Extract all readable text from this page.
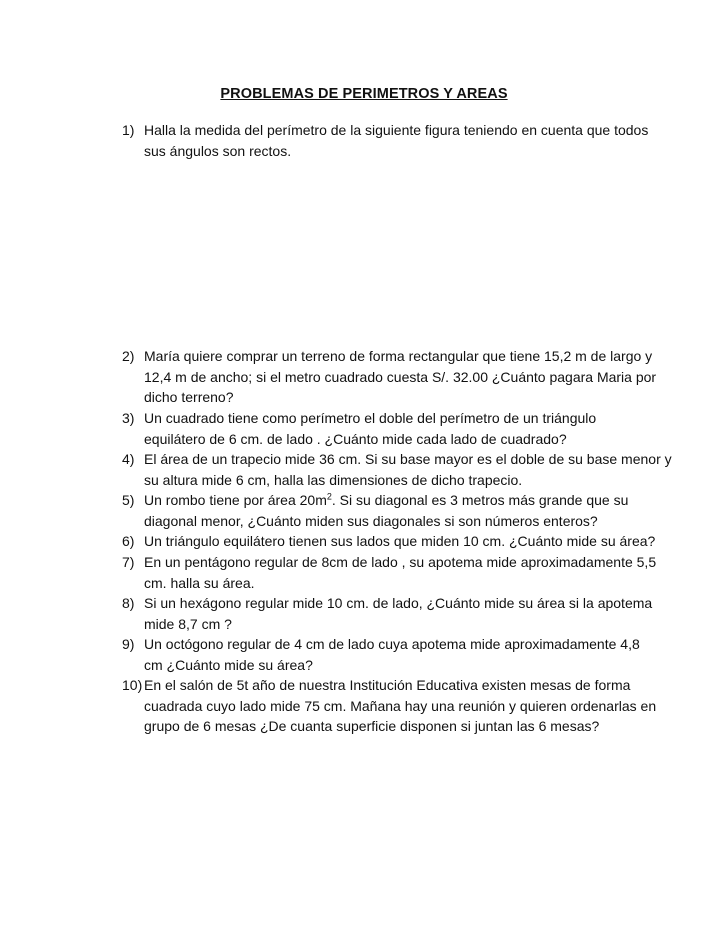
PROBLEMAS DE PERIMETROS Y AREAS
1) Halla la medida del perímetro de la siguiente figura teniendo en cuenta que todos
sus ángulos son rectos.
2) María quiere comprar un terreno de forma rectangular que tiene 15,2 m de largo y
12,4 m de ancho; si el metro cuadrado cuesta S/. 32.00 ¿Cuánto pagara Maria por
dicho terreno?
3) Un cuadrado tiene como perímetro el doble del perímetro de un triángulo
equilátero de 6 cm. de lado . ¿Cuánto mide cada lado de cuadrado?
4) El área de un trapecio mide 36 cm. Si su base mayor es el doble de su base menor y
su altura mide 6 cm, halla las dimensiones de dicho trapecio.
5) Un rombo tiene por área $20m^2$. Si su diagonal es 3 metros más grande que su
diagonal menor, ¿Cuánto miden sus diagonales si son números enteros?
6) Un triángulo equilátero tienen sus lados que miden 10 cm. ¿Cuánto mide su área?
7) En un pentágono regular de 8cm de lado , su apotema mide aproximadamente 5,5
cm. halla su área.
8) Si un hexágono regular mide 10 cm. de lado, ¿Cuánto mide su área si la apotema
mide 8,7 cm ?
9) Un octógono regular de 4 cm de lado cuya apotema mide aproximadamente 4,8
cm ¿Cuánto mide su área?
10) En el salón de 5t año de nuestra Institución Educativa existen mesas de forma
cuadrada cuyo lado mide 75 cm. Mañana hay una reunión y quieren ordenarlas en
grupo de 6 mesas ¿De cuanta superficie disponen si juntan las 6 mesas?
